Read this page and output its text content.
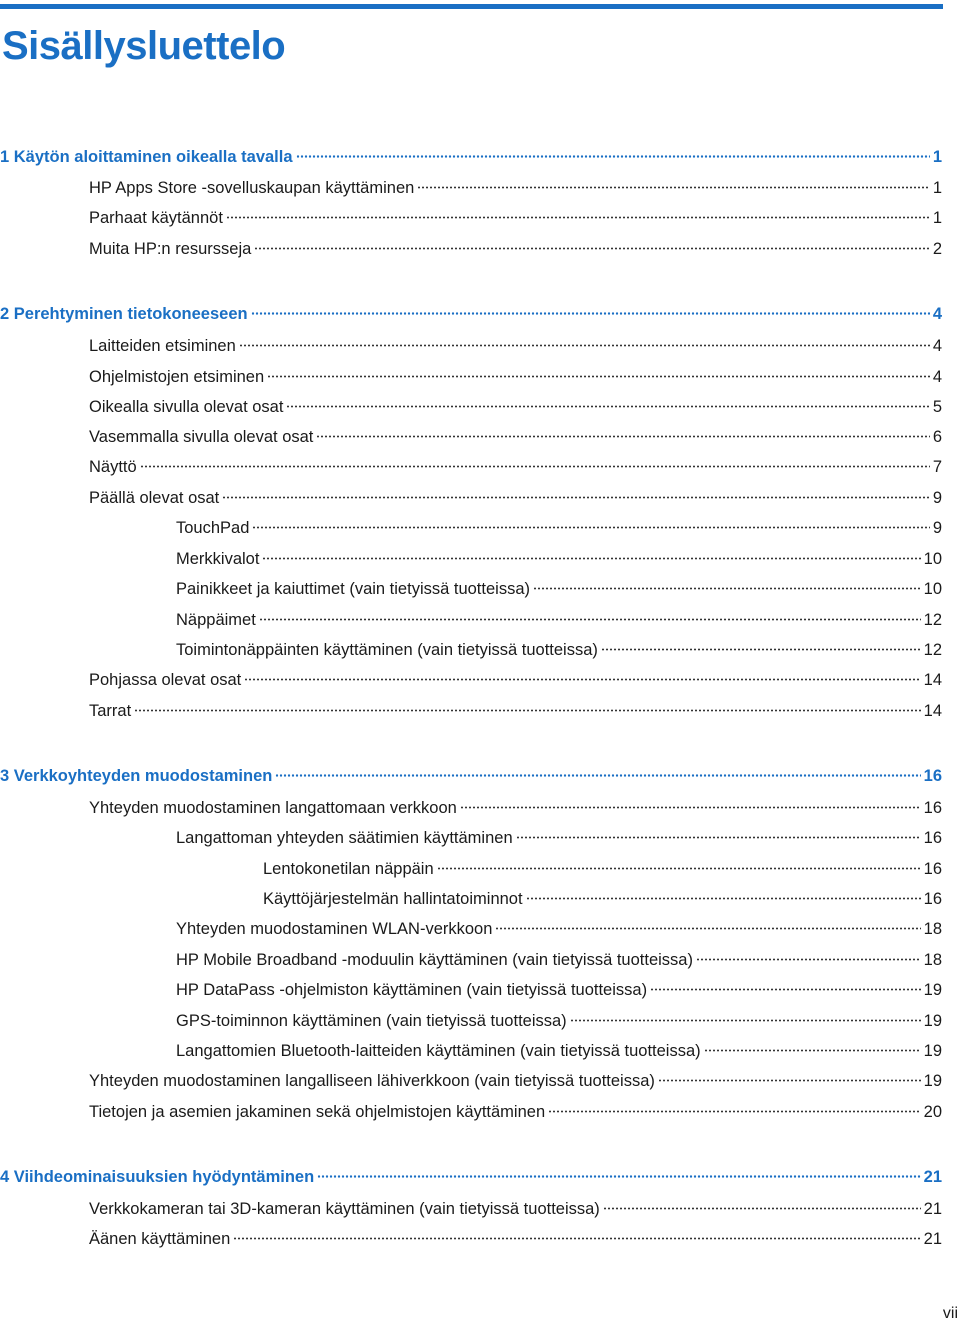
Sisällysluettelo
1 Käytön aloittaminen oikealla tavalla	1
HP Apps Store -sovelluskaupan käyttäminen	1
Parhaat käytännöt	1
Muita HP:n resursseja	2
2 Perehtyminen tietokoneeseen	4
Laitteiden etsiminen	4
Ohjelmistojen etsiminen	4
Oikealla sivulla olevat osat	5
Vasemmalla sivulla olevat osat	6
Näyttö	7
Päällä olevat osat	9
TouchPad	9
Merkkivalot	10
Painikkeet ja kaiuttimet (vain tietyissä tuotteissa)	10
Näppäimet	12
Toimintonäppäinten käyttäminen (vain tietyissä tuotteissa)	12
Pohjassa olevat osat	14
Tarrat	14
3 Verkkoyhteyden muodostaminen	16
Yhteyden muodostaminen langattomaan verkkoon	16
Langattoman yhteyden säätimien käyttäminen	16
Lentokonetilan näppäin	16
Käyttöjärjestelmän hallintatoiminnot	16
Yhteyden muodostaminen WLAN-verkkoon	18
HP Mobile Broadband -moduulin käyttäminen (vain tietyissä tuotteissa)	18
HP DataPass -ohjelmiston käyttäminen (vain tietyissä tuotteissa)	19
GPS-toiminnon käyttäminen (vain tietyissä tuotteissa)	19
Langattomien Bluetooth-laitteiden käyttäminen (vain tietyissä tuotteissa)	19
Yhteyden muodostaminen langalliseen lähiverkkoon (vain tietyissä tuotteissa)	19
Tietojen ja asemien jakaminen sekä ohjelmistojen käyttäminen	20
4 Viihdeominaisuuksien hyödyntäminen	21
Verkkokameran tai 3D-kameran käyttäminen (vain tietyissä tuotteissa)	21
Äänen käyttäminen	21
vii
